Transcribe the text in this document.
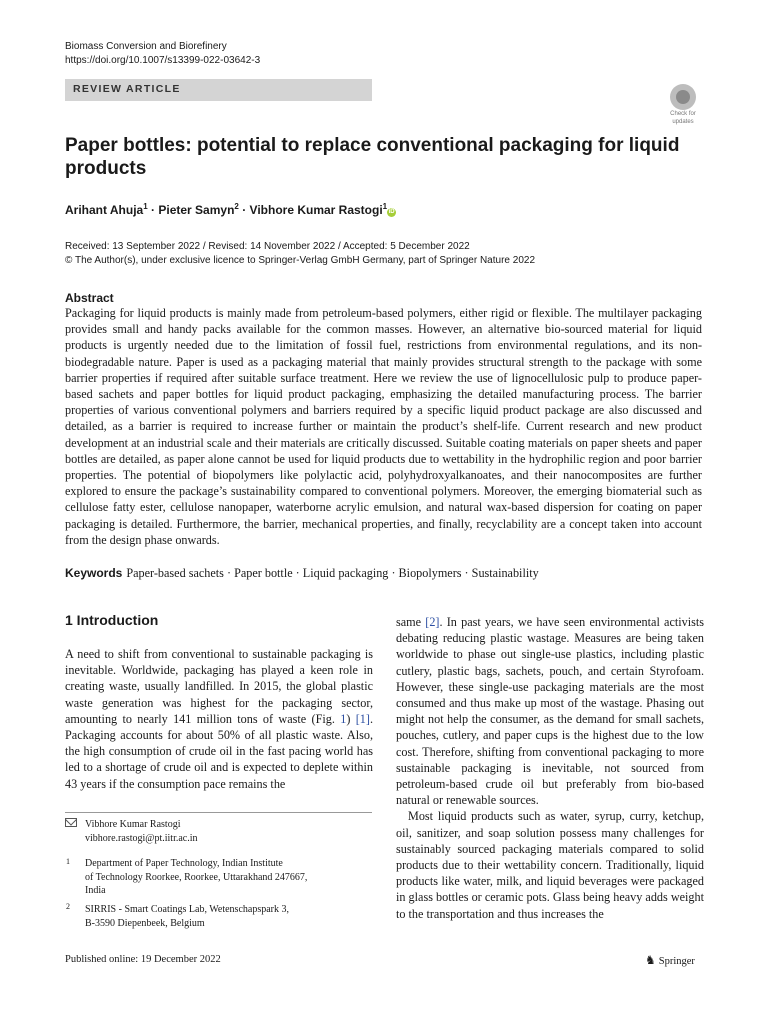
Biomass Conversion and Biorefinery
https://doi.org/10.1007/s13399-022-03642-3
REVIEW ARTICLE
Check for
updates
Paper bottles: potential to replace conventional packaging for liquid products
Arihant Ahuja$^1$ · Pieter Samyn$^2$ · Vibhore Kumar Rastogi$^1$iD
Received: 13 September 2022 / Revised: 14 November 2022 / Accepted: 5 December 2022
© The Author(s), under exclusive licence to Springer-Verlag GmbH Germany, part of Springer Nature 2022
Abstract
Packaging for liquid products is mainly made from petroleum-based polymers, either rigid or flexible. The multilayer packaging provides small and handy packs available for the common masses. However, an alternative bio-sourced material for liquid products is urgently needed due to the limitation of fossil fuel, restrictions from environmental regulations, and its non-biodegradable nature. Paper is used as a packaging material that mainly provides structural strength to the package with some barrier properties if required after suitable surface treatment. Here we review the use of lignocellulosic pulp to produce paper-based sachets and paper bottles for liquid product packaging, emphasizing the detailed manufacturing process. The barrier properties of various conventional polymers and barriers required by a specific liquid product package are also discussed and detailed, as a barrier is required to increase further or maintain the product’s shelf-life. Current research and new product development at an industrial scale and their materials are critically discussed. Suitable coating materials on paper sheets and paper bottles are detailed, as paper alone cannot be used for liquid products due to wettability in the hydrophilic region and poor barrier properties. The potential of biopolymers like polylactic acid, polyhydroxyalkanoates, and their nanocomposites are further explored to ensure the package’s sustainability compared to conventional polymers. Moreover, the emerging biomaterial such as cellulose fatty ester, cellulose nanopaper, waterborne acrylic emulsion, and natural wax-based dispersion for coating on paper packaging is detailed. Furthermore, the barrier, mechanical properties, and finally, recyclability are a concept taken into account from the design phase onwards.
Keywords Paper-based sachets · Paper bottle · Liquid packaging · Biopolymers · Sustainability
1 Introduction

A need to shift from conventional to sustainable packaging is inevitable. Worldwide, packaging has played a keen role in creating waste, usually landfilled. In 2015, the global plastic waste generation was highest for the packaging sector, amounting to nearly 141 million tons of waste (Fig. 1) [1]. Packaging accounts for about 50% of all plastic waste. Also, the high consumption of crude oil in the fast pacing world has led to a shortage of crude oil and is expected to deplete within 43 years if the consumption pace remains the

same [2]. In past years, we have seen environmental activists debating reducing plastic wastage. Measures are being taken worldwide to phase out single-use plastics, including plastic cutlery, plastic bags, sachets, pouch, and certain Styrofoam. However, these single-use packaging materials are the most consumed and thus make up most of the wastage. Phasing out might not help the consumer, as the demand for small sachets, pouches, cutlery, and paper cups is the highest due to the low cost. Therefore, shifting from conventional packaging to more sustainable packaging is inevitable, not sourced from petroleum-based crude oil but preferably from bio-based natural or renewable sources.

Most liquid products such as water, syrup, curry, ketchup, oil, sanitizer, and soap solution possess many challenges for sustainably sourced packaging materials compared to solid products due to their wettability concern. Traditionally, liquid products like water, milk, and liquid beverages were packaged in glass bottles or ceramic pots. Glass being heavy adds weight to the transportation and thus increases the

Vibhore Kumar Rastogi
vibhore.rastogi@pt.iitr.ac.in
1 Department of Paper Technology, Indian Institute
of Technology Roorkee, Roorkee, Uttarakhand 247667,
India
2 SIRRIS - Smart Coatings Lab, Wetenschapspark 3,
B-3590 Diepenbeek, Belgium
Published online: 19 December 2022	♞ Springer
